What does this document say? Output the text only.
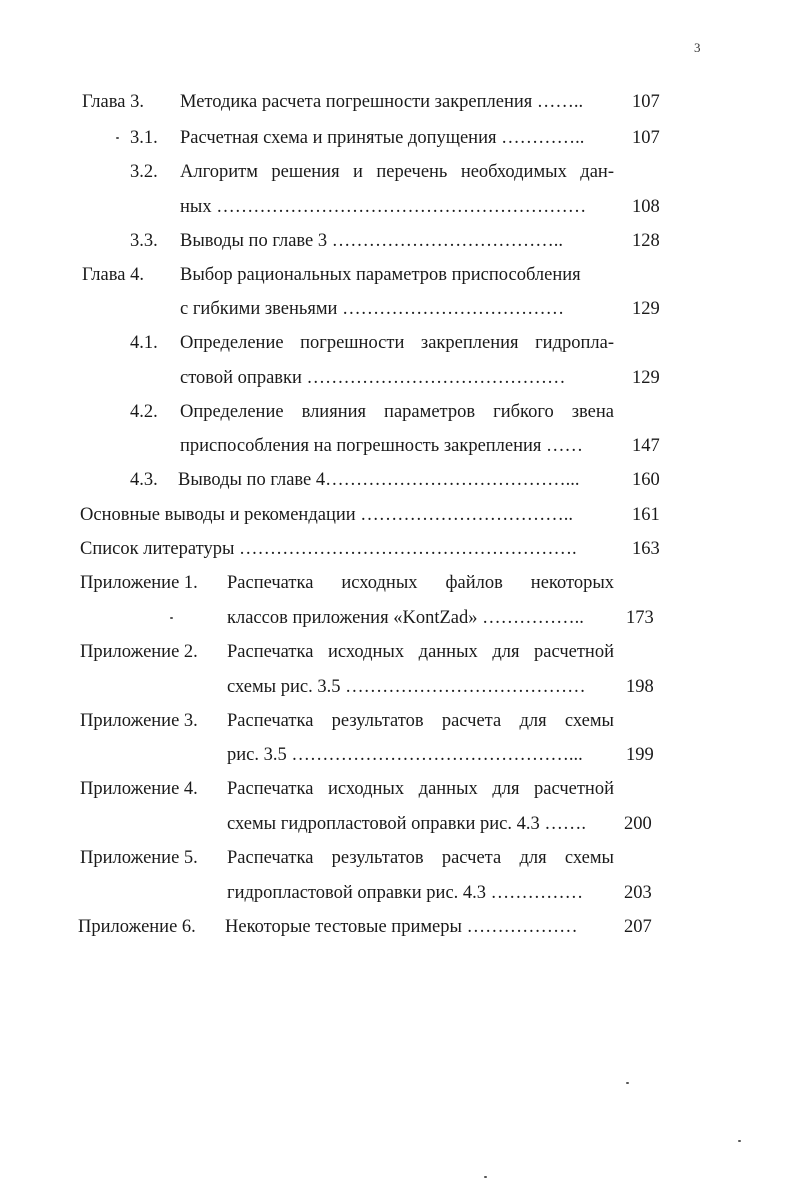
3
Глава 3. Методика расчета погрешности закрепления ……..	107
3.1. Расчетная схема и принятые допущения …………..	107
3.2. Алгоритм решения и перечень необходимых дан-
ных …………………………………………………… 108
3.3. Выводы по главе 3 ………………………………..	128
Глава 4. Выбор рациональных параметров приспособления
с гибкими звеньями ………………………………	129
4.1. Определение погрешности закрепления гидропла-
стовой оправки ……………………………………	129
4.2. Определение влияния параметров гибкого звена
приспособления на погрешность закрепления ……	147
4.3. Выводы по главе 4…………………………………...	160
Основные выводы и рекомендации ……………………………..	161
Список литературы ……………………………………………….	163
Приложение 1. Распечатка исходных файлов некоторых
классов приложения «KontZad» …………….. 173
Приложение 2. Распечатка исходных данных для расчетной
схемы рис. 3.5 ………………………………… 198
Приложение 3. Распечатка результатов расчета для схемы
рис. 3.5 ………………………………………... 199
Приложение 4. Распечатка исходных данных для расчетной
схемы гидропластовой оправки рис. 4.3 ……. 200
Приложение 5. Распечатка результатов расчета для схемы
гидропластовой оправки рис. 4.3 …………… 203
Приложение 6. Некоторые тестовые примеры ………………	207
